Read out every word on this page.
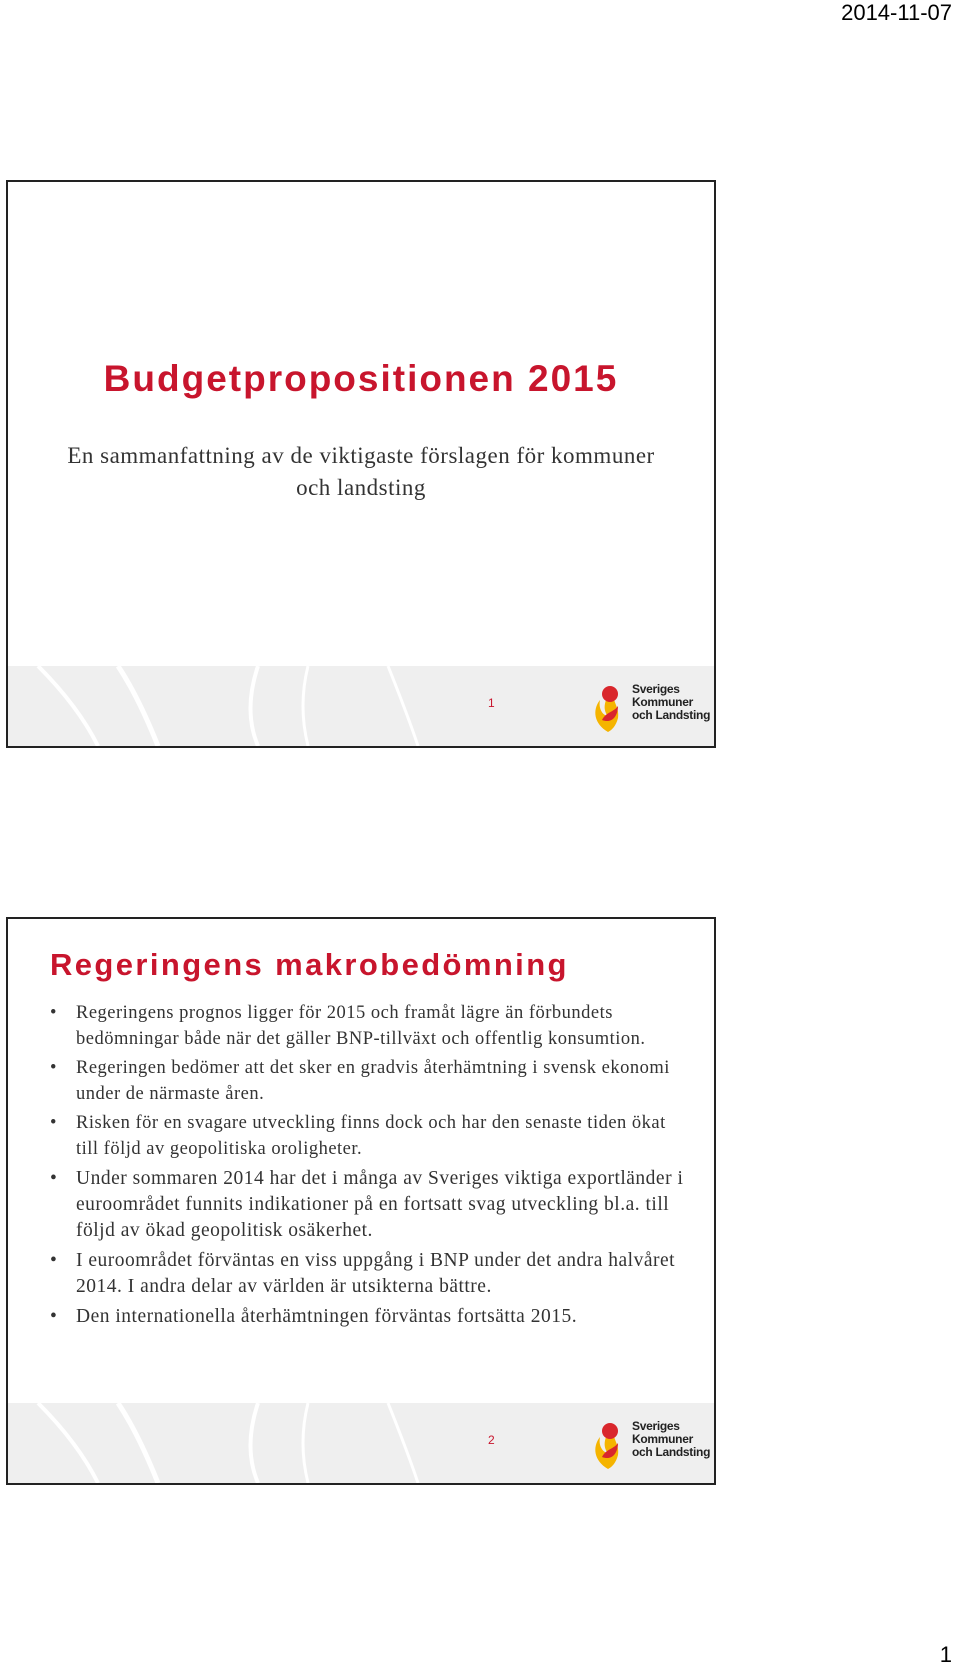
2014-11-07
Budgetpropositionen 2015
En sammanfattning av de viktigaste förslagen för kommuner och landsting
1
Sveriges
Kommuner
och Landsting
Regeringens makrobedömning
• Regeringens prognos ligger för 2015 och framåt lägre än förbundets bedömningar både när det gäller BNP-tillväxt och offentlig konsumtion.
• Regeringen bedömer att det sker en gradvis återhämtning i svensk ekonomi under de närmaste åren.
• Risken för en svagare utveckling finns dock och har den senaste tiden ökat till följd av geopolitiska oroligheter.
• Under sommaren 2014 har det i många av Sveriges viktiga exportländer i euroområdet funnits indikationer på en fortsatt svag utveckling bl.a. till följd av ökad geopolitisk osäkerhet.
• I euroområdet förväntas en viss uppgång i BNP under det andra halvåret 2014. I andra delar av världen är utsikterna bättre.
• Den internationella återhämtningen förväntas fortsätta 2015.
2
Sveriges
Kommuner
och Landsting
1
